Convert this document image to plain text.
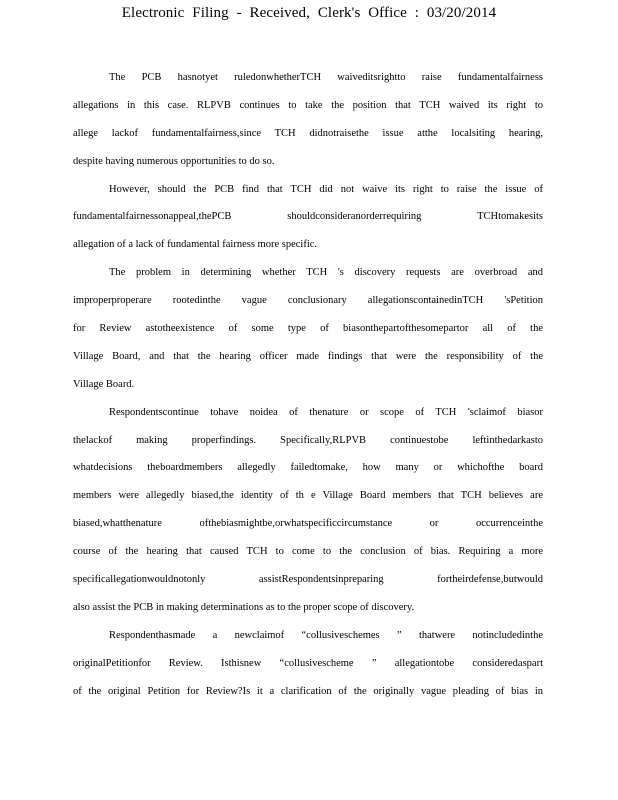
Electronic Filing - Received, Clerk's Office : 03/20/2014
The PCB hasnotyet ruledonwhetherTCH waiveditsrightto raise fundamentalfairness
allegations in this case. RLPVB continues to take the position that TCH waived its right to
allege lackof fundamentalfairness,since TCH didnotraisethe issue atthe localsiting hearing,
despite having numerous opportunities to do so.
However, should the PCB find that TCH did not waive its right to raise the issue of
fundamentalfairnessonappeal,thePCB shouldconsideranorderrequiring TCHtomakesits
allegation of a lack of fundamental fairness more specific.
The problem in determining whether TCH 's discovery requests are overbroad and
improperproperare rootedinthe vague conclusionary allegationscontainedinTCH 'sPetition
for Review astotheexistence of some type of biasonthepartofthesomepartor all of the
Village Board, and that the hearing officer made findings that were the responsibility of the
Village Board.
Respondentscontinue tohave noidea of thenature or scope of TCH 'sclaimof biasor
thelackof making properfindings. Specifically,RLPVB continuestobe leftinthedarkasto
whatdecisions theboardmembers allegedly failedtomake, how many or whichofthe board
members were allegedly biased,the identity of th e Village Board members that TCH believes are
biased,whatthenature ofthebiasmightbe,orwhatspecificcircumstance or occurrenceinthe
course of the hearing that caused TCH to come to the conclusion of bias. Requiring a more
specificallegationwouldnotonly assistRespondentsinpreparing fortheirdefense,butwould
also assist the PCB in making determinations as to the proper scope of discovery.
Respondenthasmade a newclaimof “collusiveschemes ” thatwere notincludedinthe
originalPetitionfor Review. Isthisnew “collusivescheme ” allegationtobe consideredaspart
of the original Petition for Review?Is it a clarification of the originally vague pleading of bias in
